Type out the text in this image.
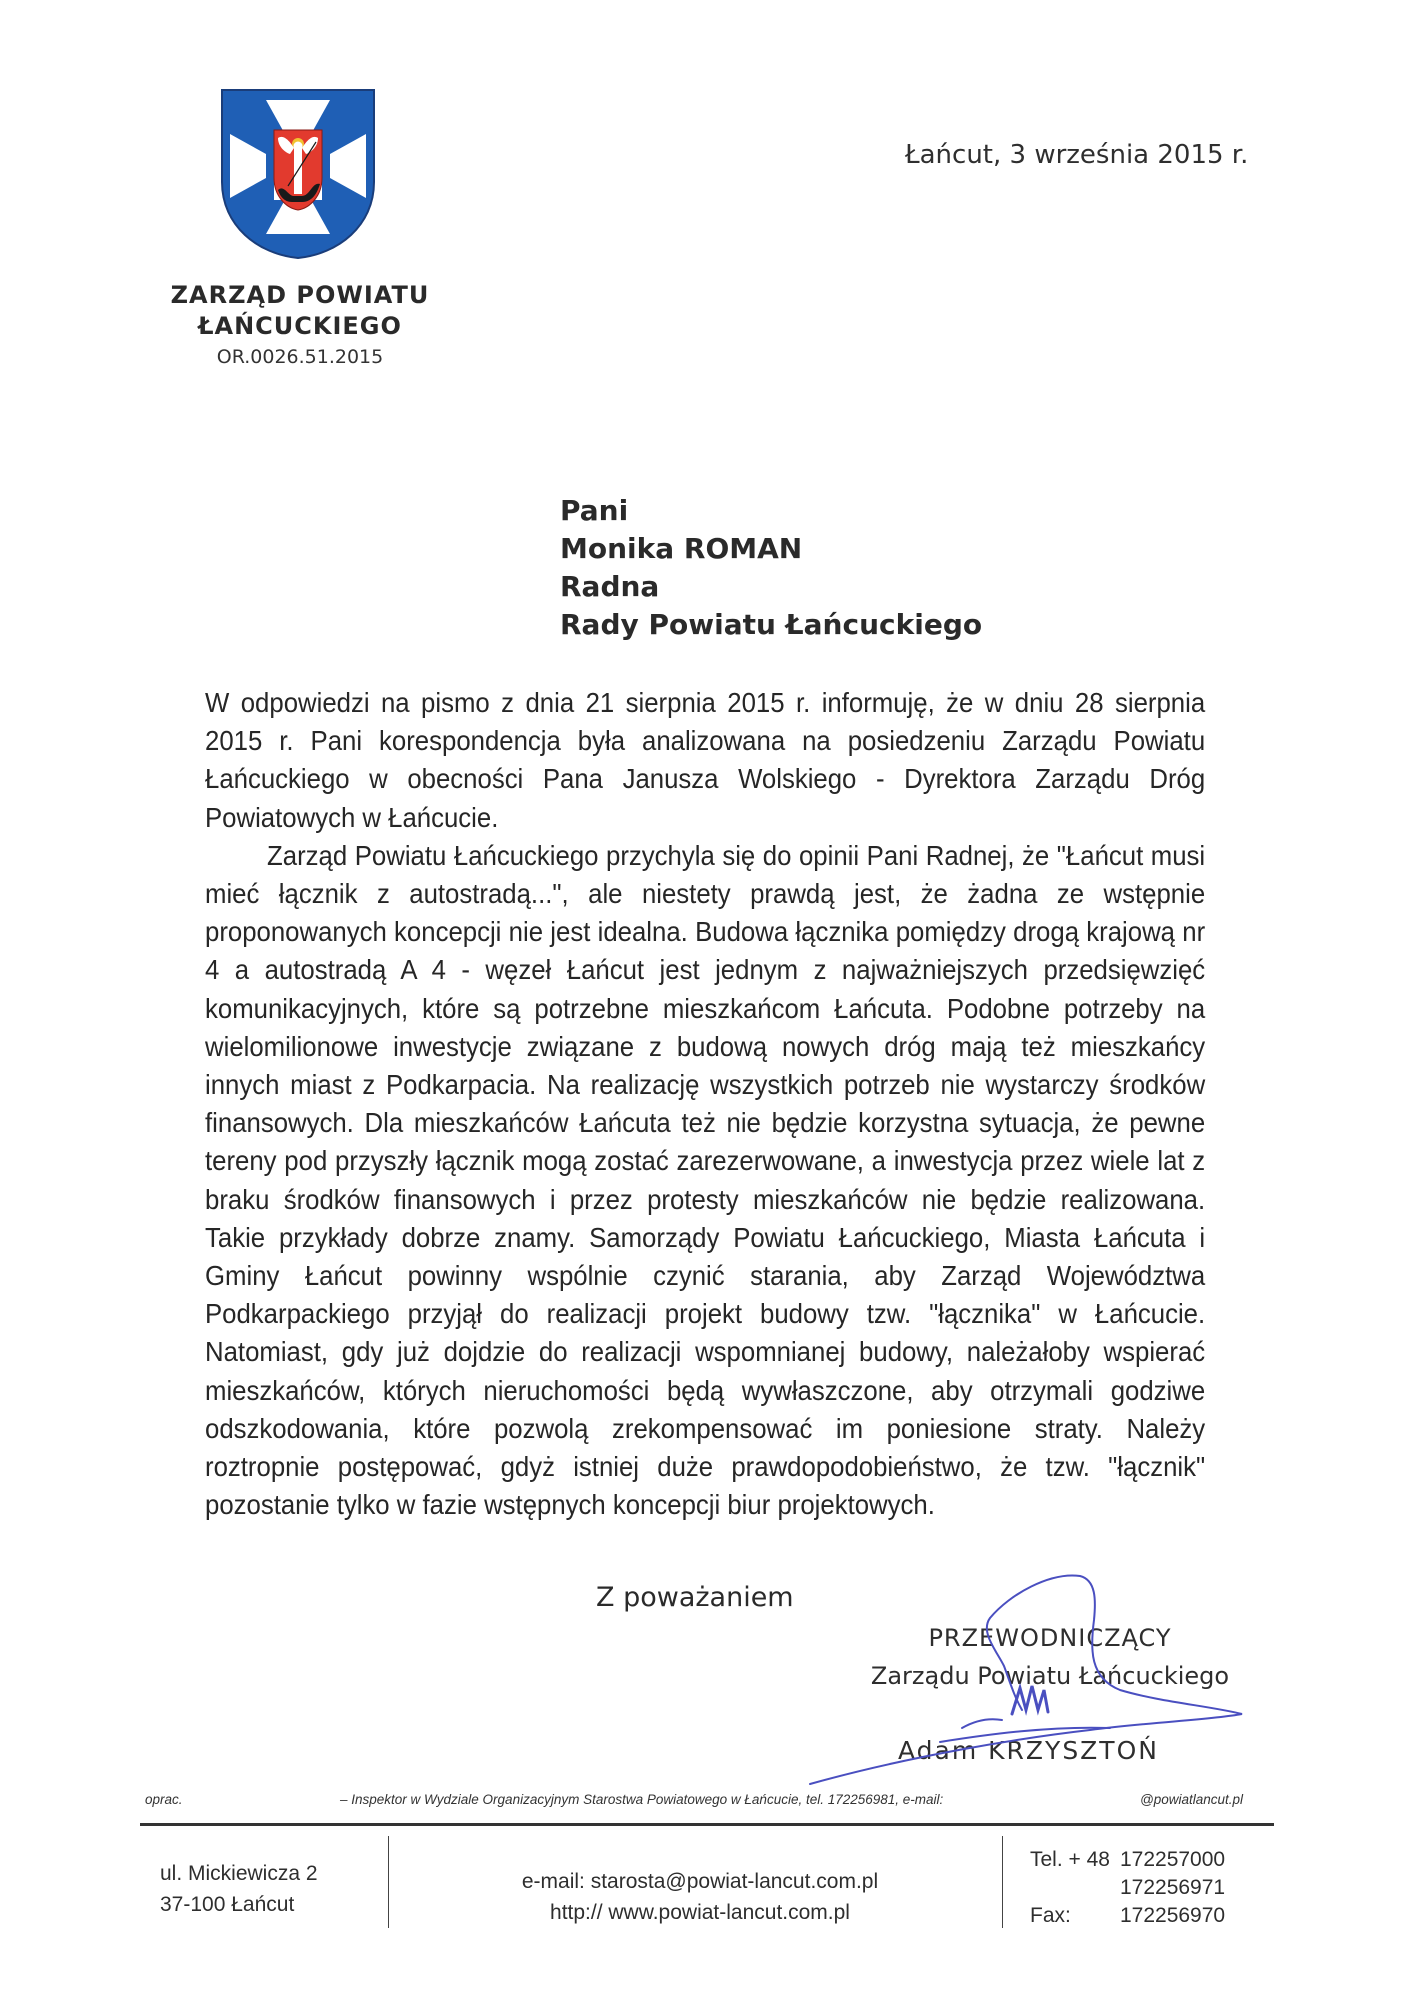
ZARZĄD POWIATU
ŁAŃCUCKIEGO
OR.0026.51.2015
Łańcut, 3 września 2015 r.
Pani
Monika ROMAN
Radna
Rady Powiatu Łańcuckiego

W odpowiedzi na pismo z dnia 21 sierpnia 2015 r. informuję, że w dniu 28 sierpnia 2015 r. Pani korespondencja była analizowana na posiedzeniu Zarządu Powiatu Łańcuckiego w obecności Pana Janusza Wolskiego - Dyrektora Zarządu Dróg Powiatowych w Łańcucie.

Zarząd Powiatu Łańcuckiego przychyla się do opinii Pani Radnej, że "Łańcut musi mieć łącznik z autostradą...", ale niestety prawdą jest, że żadna ze wstępnie proponowanych koncepcji nie jest idealna. Budowa łącznika pomiędzy drogą krajową nr 4 a autostradą A 4 - węzeł Łańcut jest jednym z najważniejszych przedsięwzięć komunikacyjnych, które są potrzebne mieszkańcom Łańcuta. Podobne potrzeby na wielomilionowe inwestycje związane z budową nowych dróg mają też mieszkańcy innych miast z Podkarpacia. Na realizację wszystkich potrzeb nie wystarczy środków finansowych. Dla mieszkańców Łańcuta też nie będzie korzystna sytuacja, że pewne tereny pod przyszły łącznik mogą zostać zarezerwowane, a inwestycja przez wiele lat z braku środków finansowych i przez protesty mieszkańców nie będzie realizowana. Takie przykłady dobrze znamy. Samorządy Powiatu Łańcuckiego, Miasta Łańcuta i Gminy Łańcut powinny wspólnie czynić starania, aby Zarząd Województwa Podkarpackiego przyjął do realizacji projekt budowy tzw. "łącznika" w Łańcucie. Natomiast, gdy już dojdzie do realizacji wspomnianej budowy, należałoby wspierać mieszkańców, których nieruchomości będą wywłaszczone, aby otrzymali godziwe odszkodowania, które pozwolą zrekompensować im poniesione straty. Należy roztropnie postępować, gdyż istniej duże prawdopodobieństwo, że tzw. "łącznik" pozostanie tylko w fazie wstępnych koncepcji biur projektowych.

Z poważaniem
PRZEWODNICZĄCY
Zarządu Powiatu Łańcuckiego
Adam KRZYSZTOŃ
oprac.	– Inspektor w Wydziale Organizacyjnym Starostwa Powiatowego w Łańcucie, tel. 172256981, e-mail:	@powiatlancut.pl
ul. Mickiewicza 2
37-100 Łańcut
e-mail: starosta@powiat-lancut.com.pl
http:// www.powiat-lancut.com.pl
Tel. + 48	172257000
	172256971
Fax:	172256970
